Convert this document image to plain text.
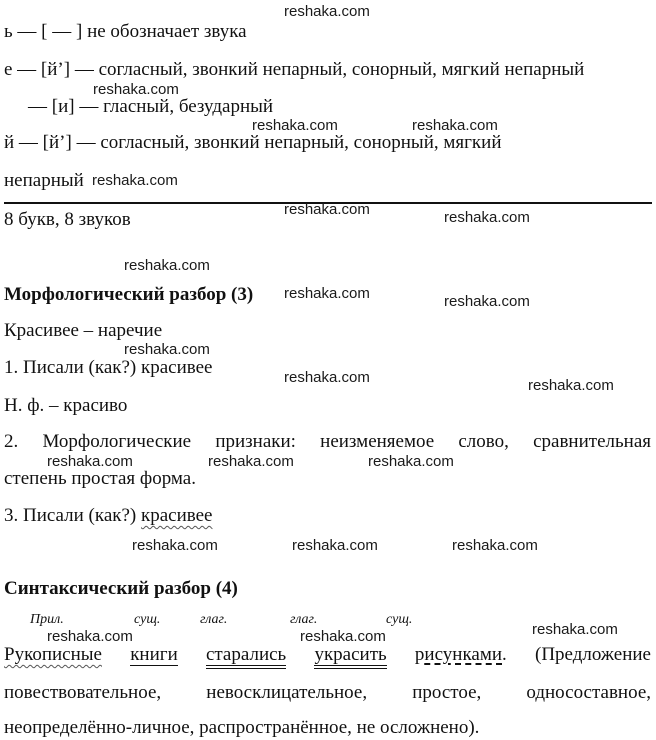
ь — [ — ] не обозначает звука
е — [й’] — согласный, звонкий непарный, сонорный, мягкий непарный
— [и] — гласный, безударный
й — [й’] — согласный, звонкий непарный, сонорный, мягкий
непарный
8 букв, 8 звуков
Морфологический разбор (3)
Красивее – наречие
1. Писали (как?) красивее
Н. ф. – красиво
2. Морфологические признаки: неизменяемое слово, сравнительная
степень простая форма.
3. Писали (как?) красивее
Синтаксический разбор (4)
Прил.	сущ.	глаг.	глаг.	сущ.
Рукописные книги старались украсить рисунками. (Предложение
повествовательное, невосклицательное, простое, односоставное,
неопределённо-личное, распространённое, не осложнено).
reshaka.com
reshaka.com
reshaka.com	reshaka.com
reshaka.com
reshaka.com	reshaka.com
reshaka.com
reshaka.com	reshaka.com
reshaka.com
reshaka.com	reshaka.com
reshaka.com	reshaka.com	reshaka.com
reshaka.com	reshaka.com	reshaka.com
reshaka.com
reshaka.com	reshaka.com
